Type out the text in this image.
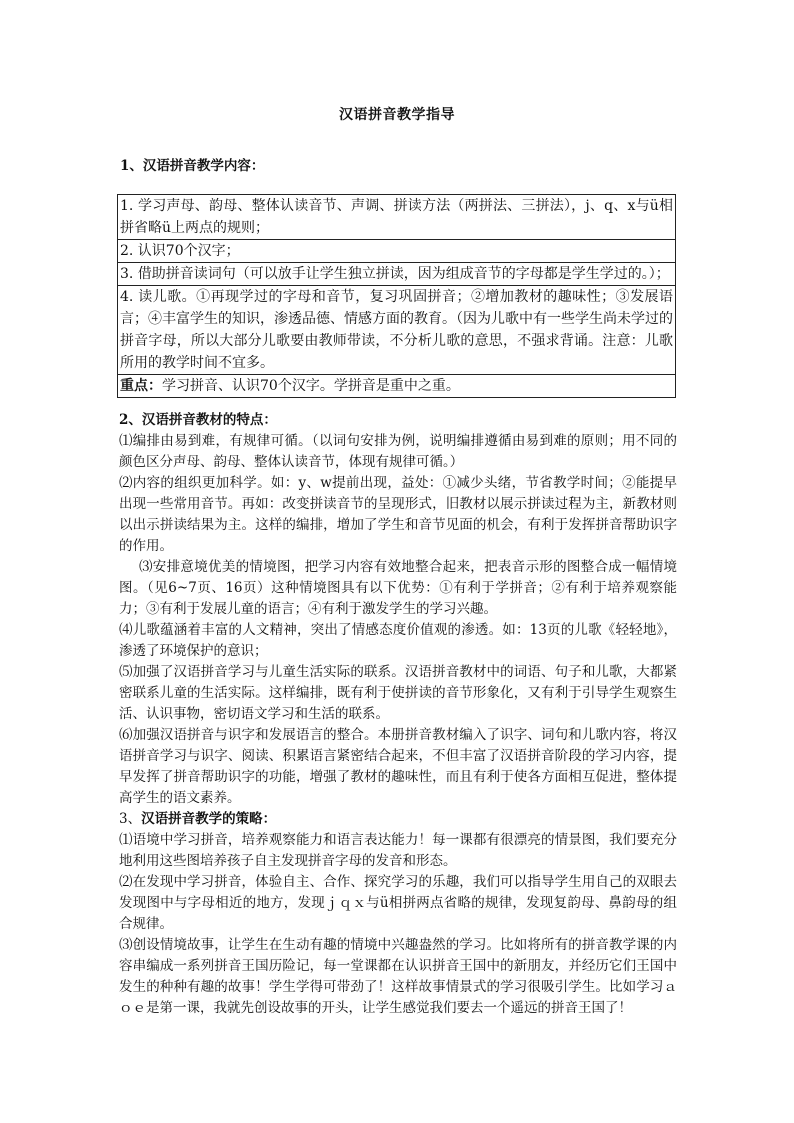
汉语拼音教学指导
1、汉语拼音教学内容：
1. 学习声母、韵母、整体认读音节、声调、拼读方法（两拼法、三拼法），j、q、x与ü相拼省略ü上两点的规则；
2. 认识70个汉字；
3. 借助拼音读词句（可以放手让学生独立拼读，因为组成音节的字母都是学生学过的。）；
4. 读儿歌。①再现学过的字母和音节，复习巩固拼音；②增加教材的趣味性；③发展语言；④丰富学生的知识，渗透品德、情感方面的教育。（因为儿歌中有一些学生尚未学过的拼音字母，所以大部分儿歌要由教师带读，不分析儿歌的意思，不强求背诵。注意：儿歌所用的教学时间不宜多。
重点：学习拼音、认识70个汉字。学拼音是重中之重。

2、汉语拼音教材的特点：

⑴编排由易到难，有规律可循。（以词句安排为例，说明编排遵循由易到难的原则；用不同的颜色区分声母、韵母、整体认读音节，体现有规律可循。）

⑵内容的组织更加科学。如：y、w提前出现，益处：①减少头绪，节省教学时间；②能提早出现一些常用音节。再如：改变拼读音节的呈现形式，旧教材以展示拼读过程为主，新教材则以出示拼读结果为主。这样的编排，增加了学生和音节见面的机会，有利于发挥拼音帮助识字的作用。

⑶安排意境优美的情境图，把学习内容有效地整合起来，把表音示形的图整合成一幅情境图。（见6~7页、16页）这种情境图具有以下优势：①有利于学拼音；②有利于培养观察能力；③有利于发展儿童的语言；④有利于激发学生的学习兴趣。

⑷儿歌蕴涵着丰富的人文精神，突出了情感态度价值观的渗透。如：13页的儿歌《轻轻地》，渗透了环境保护的意识；

⑸加强了汉语拼音学习与儿童生活实际的联系。汉语拼音教材中的词语、句子和儿歌，大都紧密联系儿童的生活实际。这样编排，既有利于使拼读的音节形象化，又有利于引导学生观察生活、认识事物，密切语文学习和生活的联系。

⑹加强汉语拼音与识字和发展语言的整合。本册拼音教材编入了识字、词句和儿歌内容，将汉语拼音学习与识字、阅读、积累语言紧密结合起来，不但丰富了汉语拼音阶段的学习内容，提早发挥了拼音帮助识字的功能，增强了教材的趣味性，而且有利于使各方面相互促进，整体提高学生的语文素养。

3、汉语拼音教学的策略：

⑴语境中学习拼音，培养观察能力和语言表达能力！每一课都有很漂亮的情景图，我们要充分地利用这些图培养孩子自主发现拼音字母的发音和形态。

⑵在发现中学习拼音，体验自主、合作、探究学习的乐趣，我们可以指导学生用自己的双眼去发现图中与字母相近的地方，发现ｊｑｘ与ü相拼两点省略的规律，发现复韵母、鼻韵母的组合规律。

⑶创设情境故事，让学生在生动有趣的情境中兴趣盎然的学习。比如将所有的拼音教学课的内容串编成一系列拼音王国历险记，每一堂课都在认识拼音王国中的新朋友，并经历它们王国中发生的种种有趣的故事！学生学得可带劲了！这样故事情景式的学习很吸引学生。比如学习ａｏｅ是第一课，我就先创设故事的开头，让学生感觉我们要去一个遥远的拼音王国了！
